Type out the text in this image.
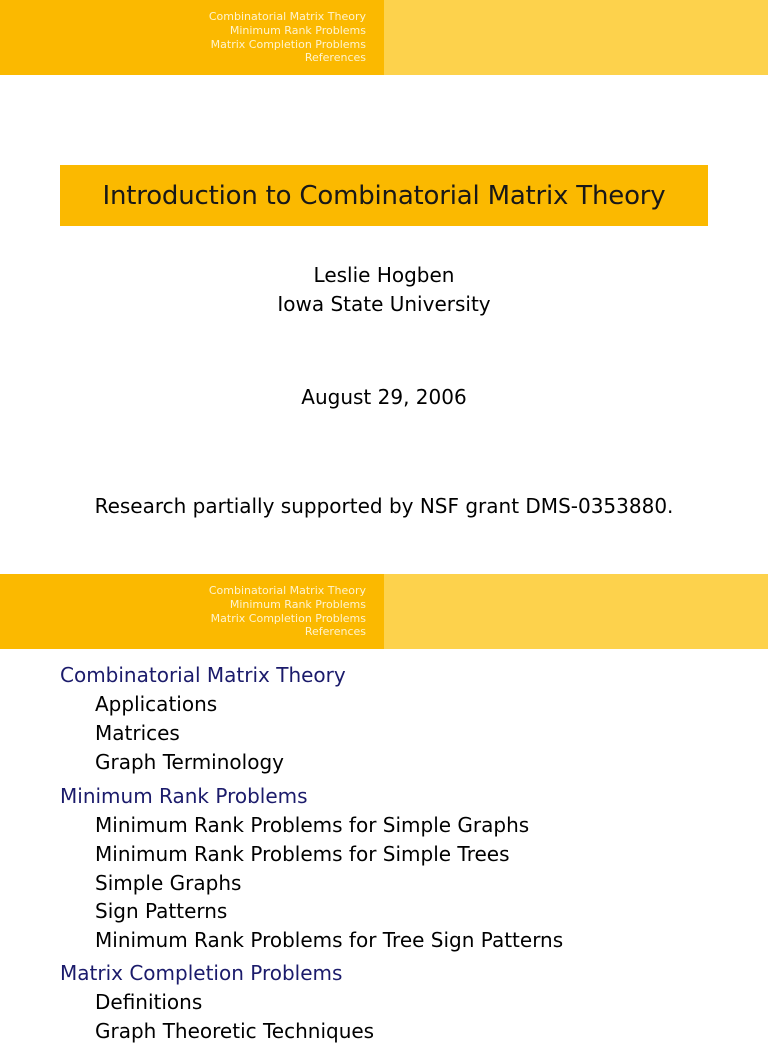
Combinatorial Matrix Theory
Minimum Rank Problems
Matrix Completion Problems
References
Introduction to Combinatorial Matrix Theory
Leslie Hogben
Iowa State University
August 29, 2006
Research partially supported by NSF grant DMS-0353880.
Combinatorial Matrix Theory
Minimum Rank Problems
Matrix Completion Problems
References
Combinatorial Matrix Theory
Applications
Matrices
Graph Terminology
Minimum Rank Problems
Minimum Rank Problems for Simple Graphs
Minimum Rank Problems for Simple Trees
Simple Graphs
Sign Patterns
Minimum Rank Problems for Tree Sign Patterns
Matrix Completion Problems
Definitions
Graph Theoretic Techniques
